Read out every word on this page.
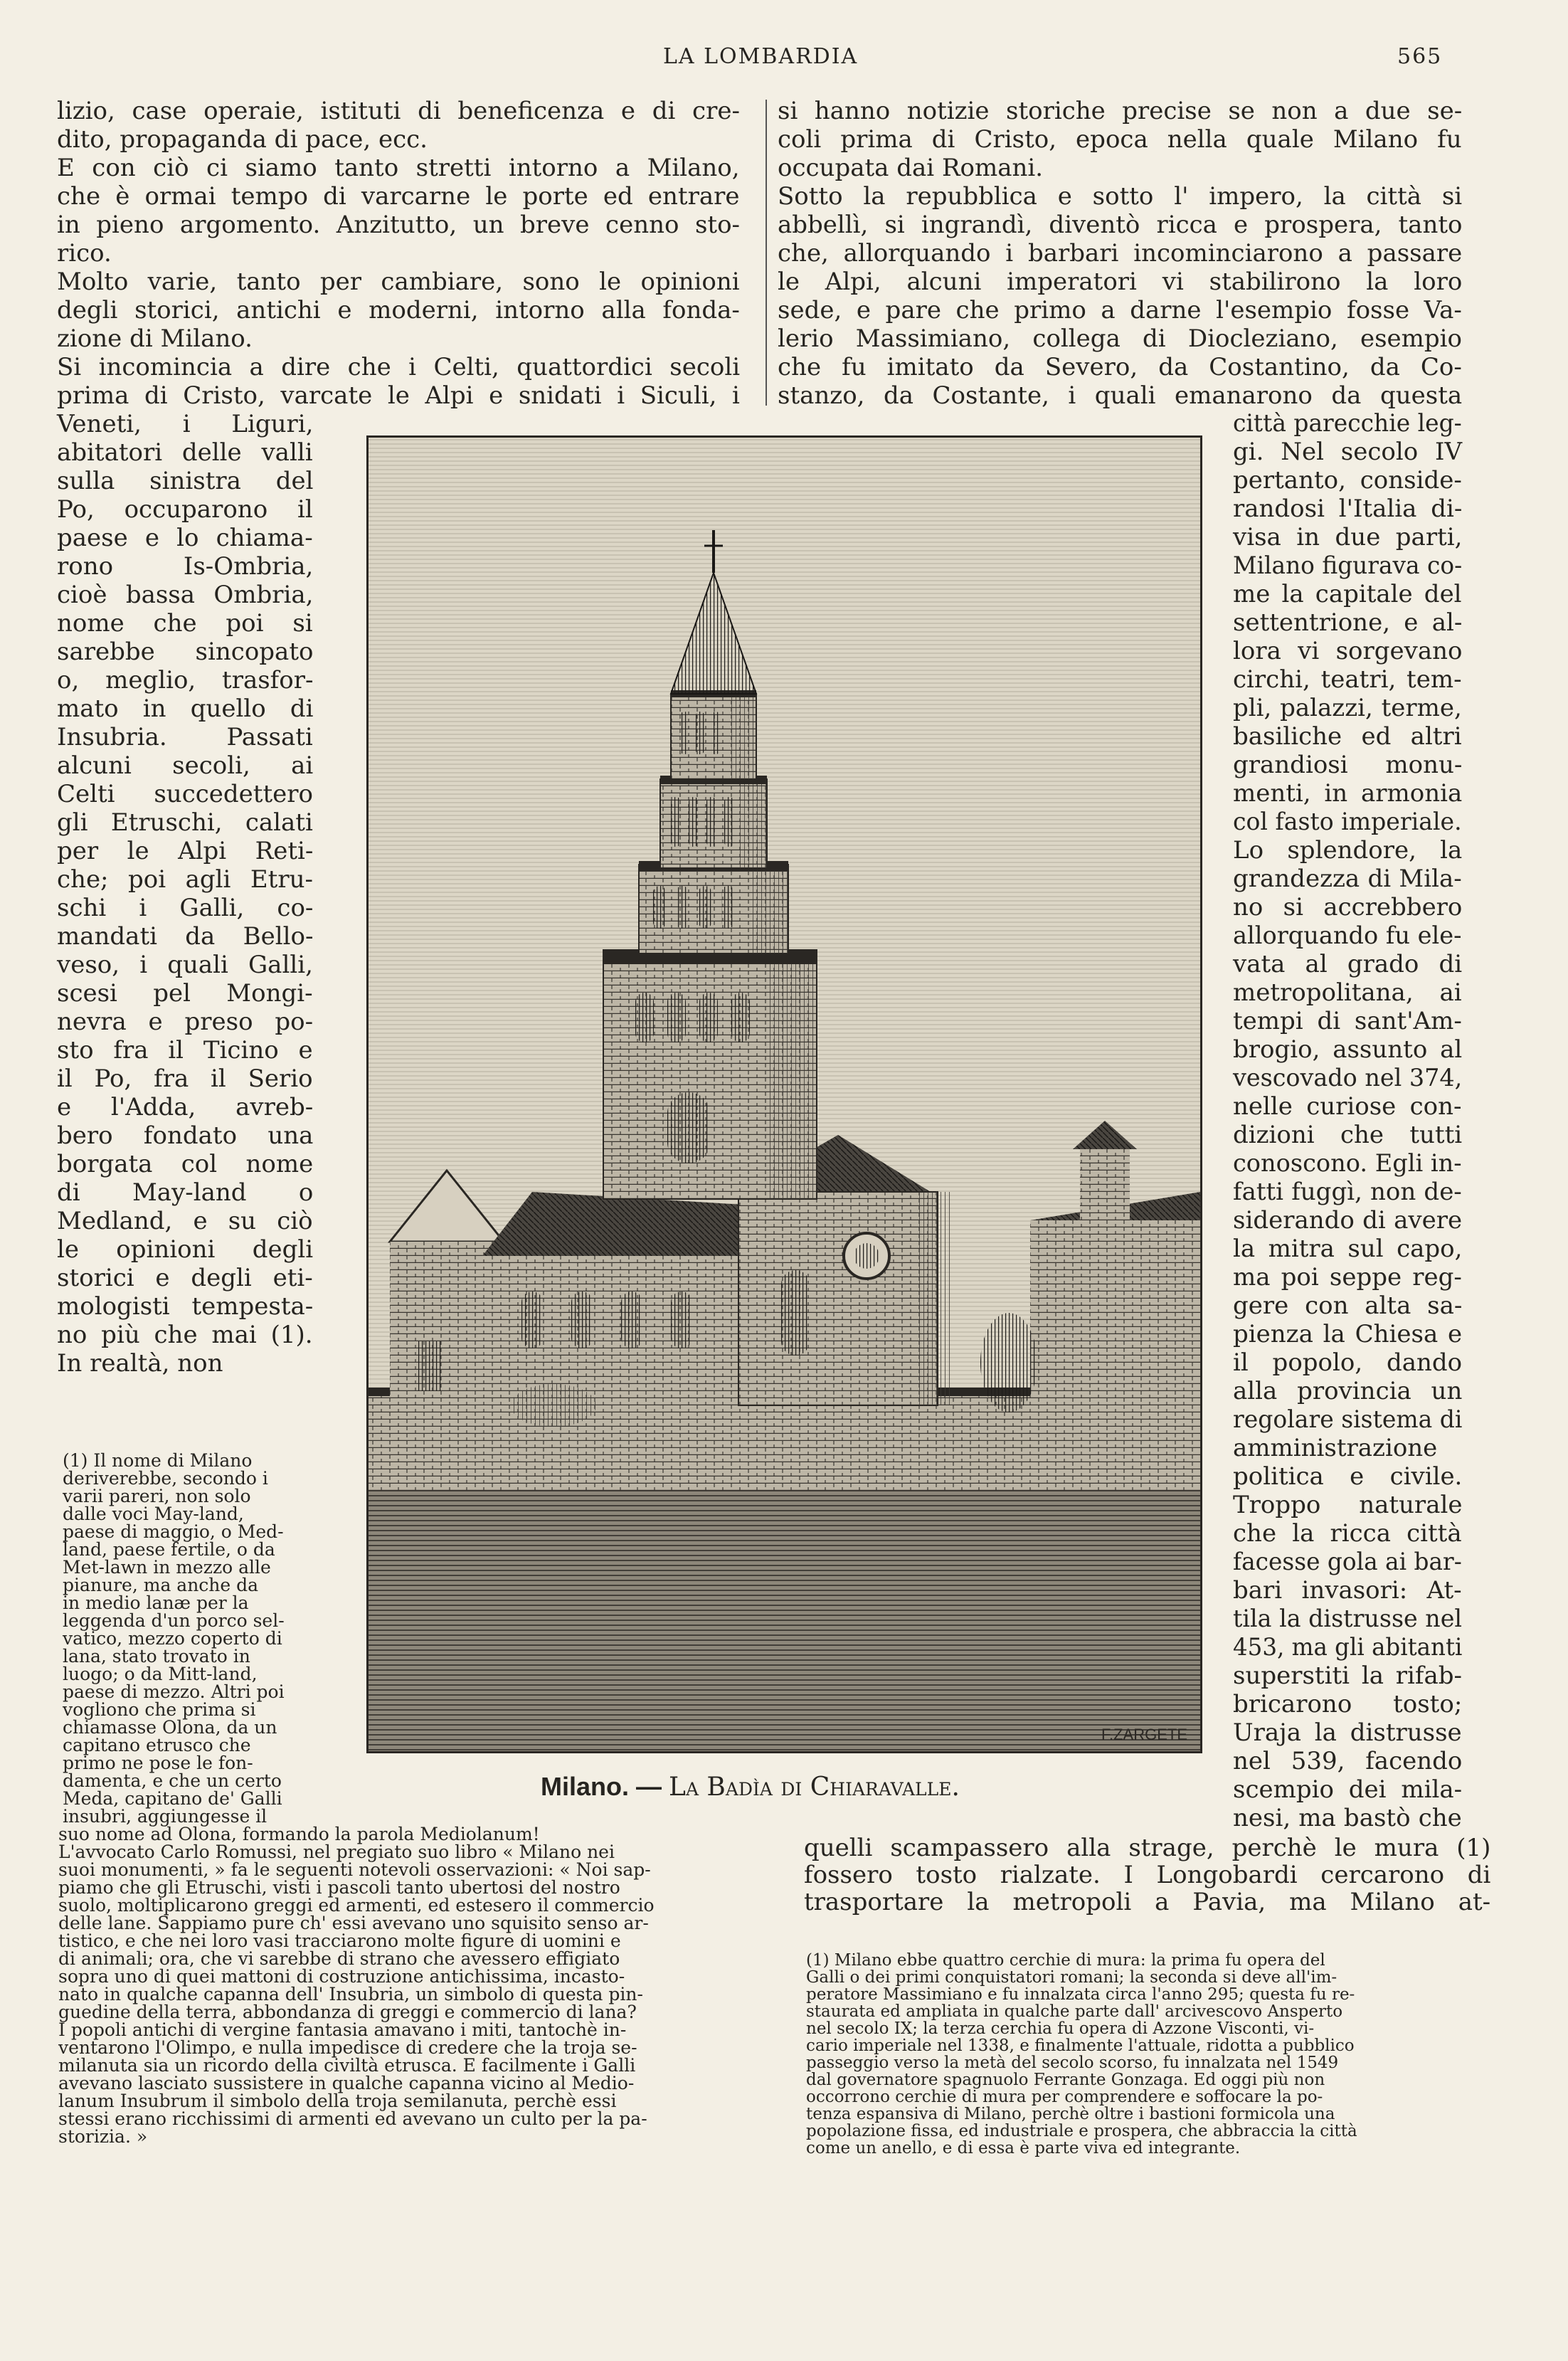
LA LOMBARDIA	565
lizio, case operaie, istituti di beneficenza e di cre-
dito, propaganda di pace, ecc.
E con ciò ci siamo tanto stretti intorno a Milano,
che è ormai tempo di varcarne le porte ed entrare
in pieno argomento. Anzitutto, un breve cenno sto-
rico.
Molto varie, tanto per cambiare, sono le opinioni
degli storici, antichi e moderni, intorno alla fonda-
zione di Milano.
Si incomincia a dire che i Celti, quattordici secoli
prima di Cristo, varcate le Alpi e snidati i Siculi, i
Veneti, i Liguri,
abitatori delle valli
sulla sinistra del
Po, occuparono il
paese e lo chiama-
rono Is-Ombria,
cioè bassa Ombria,
nome che poi si
sarebbe sincopato
o, meglio, trasfor-
mato in quello di
Insubria. Passati
alcuni secoli, ai
Celti succedettero
gli Etruschi, calati
per le Alpi Reti-
che; poi agli Etru-
schi i Galli, co-
mandati da Bello-
veso, i quali Galli,
scesi pel Mongi-
nevra e preso po-
sto fra il Ticino e
il Po, fra il Serio
e l'Adda, avreb-
bero fondato una
borgata col nome
di May-land o
Medland, e su ciò
le opinioni degli
storici e degli eti-
mologisti tempesta-
no più che mai (1).
In realtà, non
si hanno notizie storiche precise se non a due se-
coli prima di Cristo, epoca nella quale Milano fu
occupata dai Romani.
Sotto la repubblica e sotto l' impero, la città si
abbellì, si ingrandì, diventò ricca e prospera, tanto
che, allorquando i barbari incominciarono a passare
le Alpi, alcuni imperatori vi stabilirono la loro
sede, e pare che primo a darne l'esempio fosse Va-
lerio Massimiano, collega di Diocleziano, esempio
che fu imitato da Severo, da Costantino, da Co-
stanzo, da Costante, i quali emanarono da questa
città parecchie leg-
gi. Nel secolo IV
pertanto, conside-
randosi l'Italia di-
visa in due parti,
Milano figurava co-
me la capitale del
settentrione, e al-
lora vi sorgevano
circhi, teatri, tem-
pli, palazzi, terme,
basiliche ed altri
grandiosi monu-
menti, in armonia
col fasto imperiale.
Lo splendore, la
grandezza di Mila-
no si accrebbero
allorquando fu ele-
vata al grado di
metropolitana, ai
tempi di sant'Am-
brogio, assunto al
vescovado nel 374,
nelle curiose con-
dizioni che tutti
conoscono. Egli in-
fatti fuggì, non de-
siderando di avere
la mitra sul capo,
ma poi seppe reg-
gere con alta sa-
pienza la Chiesa e
il popolo, dando
alla provincia un
regolare sistema di
amministrazione
politica e civile.
Troppo naturale
che la ricca città
facesse gola ai bar-
bari invasori: At-
tila la distrusse nel
453, ma gli abitanti
superstiti la rifab-
bricarono tosto;
Uraja la distrusse
nel 539, facendo
scempio dei mila-
nesi, ma bastò che
quelli scampassero alla strage, perchè le mura (1)
fossero tosto rialzate. I Longobardi cercarono di
trasportare la metropoli a Pavia, ma Milano at-
(1) Il nome di Milano
deriverebbe, secondo i
varii pareri, non solo
dalle voci May-land,
paese di maggio, o Med-
land, paese fertile, o da
Met-lawn in mezzo alle
pianure, ma anche da
in medio lanæ per la
leggenda d'un porco sel-
vatico, mezzo coperto di
lana, stato trovato in
luogo; o da Mitt-land,
paese di mezzo. Altri poi
vogliono che prima si
chiamasse Olona, da un
capitano etrusco che
primo ne pose le fon-
damenta, e che un certo
Meda, capitano de' Galli
insubri, aggiungesse il
suo nome ad Olona, formando la parola Mediolanum!
L'avvocato Carlo Romussi, nel pregiato suo libro « Milano nei
suoi monumenti, » fa le seguenti notevoli osservazioni: « Noi sap-
piamo che gli Etruschi, visti i pascoli tanto ubertosi del nostro
suolo, moltiplicarono greggi ed armenti, ed estesero il commercio
delle lane. Sappiamo pure ch' essi avevano uno squisito senso ar-
tistico, e che nei loro vasi tracciarono molte figure di uomini e
di animali; ora, che vi sarebbe di strano che avessero effigiato
sopra uno di quei mattoni di costruzione antichissima, incasto-
nato in qualche capanna dell' Insubria, un simbolo di questa pin-
guedine della terra, abbondanza di greggi e commercio di lana?
I popoli antichi di vergine fantasia amavano i miti, tantochè in-
ventarono l'Olimpo, e nulla impedisce di credere che la troja se-
milanuta sia un ricordo della civiltà etrusca. E facilmente i Galli
avevano lasciato sussistere in qualche capanna vicino al Medio-
lanum Insubrum il simbolo della troja semilanuta, perchè essi
stessi erano ricchissimi di armenti ed avevano un culto per la pa-
storizia. »
(1) Milano ebbe quattro cerchie di mura: la prima fu opera del
Galli o dei primi conquistatori romani; la seconda si deve all'im-
peratore Massimiano e fu innalzata circa l'anno 295; questa fu re-
staurata ed ampliata in qualche parte dall' arcivescovo Ansperto
nel secolo IX; la terza cerchia fu opera di Azzone Visconti, vi-
cario imperiale nel 1338, e finalmente l'attuale, ridotta a pubblico
passeggio verso la metà del secolo scorso, fu innalzata nel 1549
dal governatore spagnuolo Ferrante Gonzaga. Ed oggi più non
occorrono cerchie di mura per comprendere e soffocare la po-
tenza espansiva di Milano, perchè oltre i bastioni formicola una
popolazione fissa, ed industriale e prospera, che abbraccia la città
come un anello, e di essa è parte viva ed integrante.
F.ZARGETE
Milano. — La Badìa di Chiaravalle.
